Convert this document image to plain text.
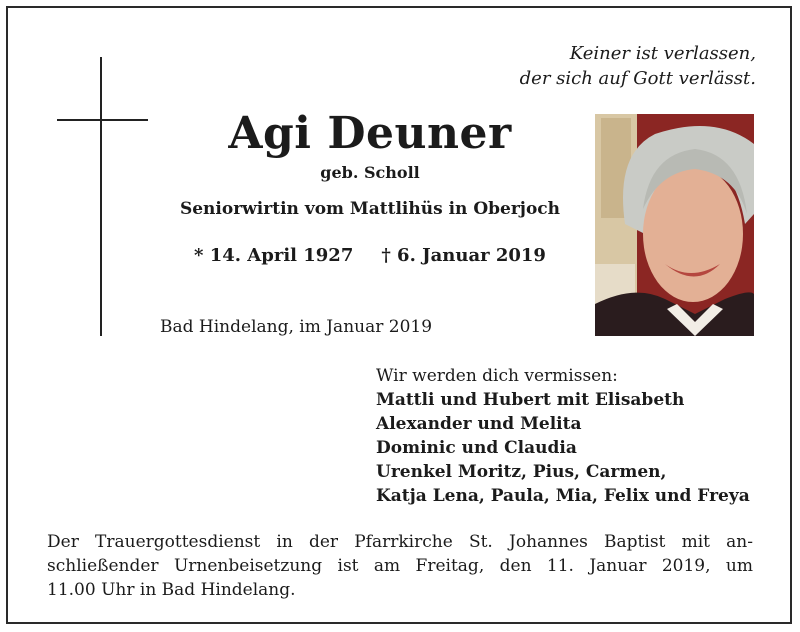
Keiner ist verlassen,
der sich auf Gott verlässt.
Agi Deuner
geb. Scholl
Seniorwirtin vom Mattlihüs in Oberjoch
* 14. April 1927 † 6. Januar 2019
Bad Hindelang, im Januar 2019
Wir werden dich vermissen:
Mattli und Hubert mit Elisabeth
Alexander und Melita
Dominic und Claudia
Urenkel Moritz, Pius, Carmen,
Katja Lena, Paula, Mia, Felix und Freya
Der Trauergottesdienst in der Pfarrkirche St. Johannes Baptist mit an-
schließender Urnenbeisetzung ist am Freitag, den 11. Januar 2019, um
11.00 Uhr in Bad Hindelang.
